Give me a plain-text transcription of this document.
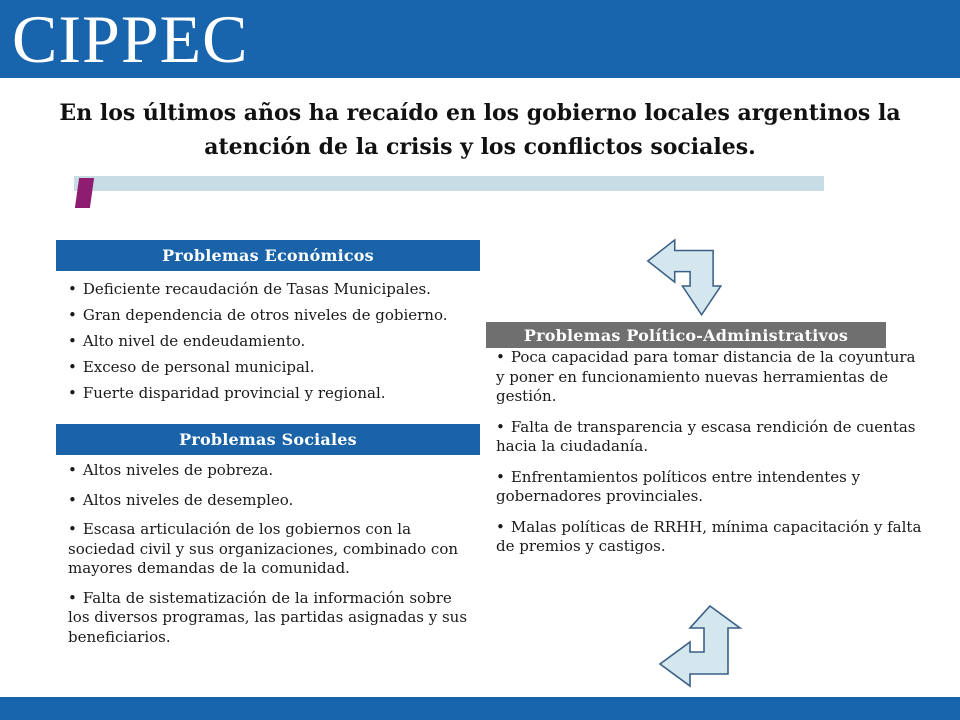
CIPPEC
En los últimos años ha recaído en los gobierno locales argentinos la
atención de la crisis y los conflictos sociales.
Problemas Económicos
• Deficiente recaudación de Tasas Municipales.
• Gran dependencia de otros niveles de gobierno.
• Alto nivel de endeudamiento.
• Exceso de personal municipal.
• Fuerte disparidad provincial y regional.
Problemas Sociales
• Altos niveles de pobreza.
• Altos niveles de desempleo.
• Escasa articulación de los gobiernos con la sociedad civil y sus organizaciones, combinado con mayores demandas de la comunidad.
• Falta de sistematización de la información sobre los diversos programas, las partidas asignadas y sus beneficiarios.
Problemas Político-Administrativos
• Poca capacidad para tomar distancia de la coyuntura y poner en funcionamiento nuevas herramientas de gestión.
• Falta de transparencia y escasa rendición de cuentas hacia la ciudadanía.
• Enfrentamientos políticos entre intendentes y gobernadores provinciales.
• Malas políticas de RRHH, mínima capacitación y falta de premios y castigos.
